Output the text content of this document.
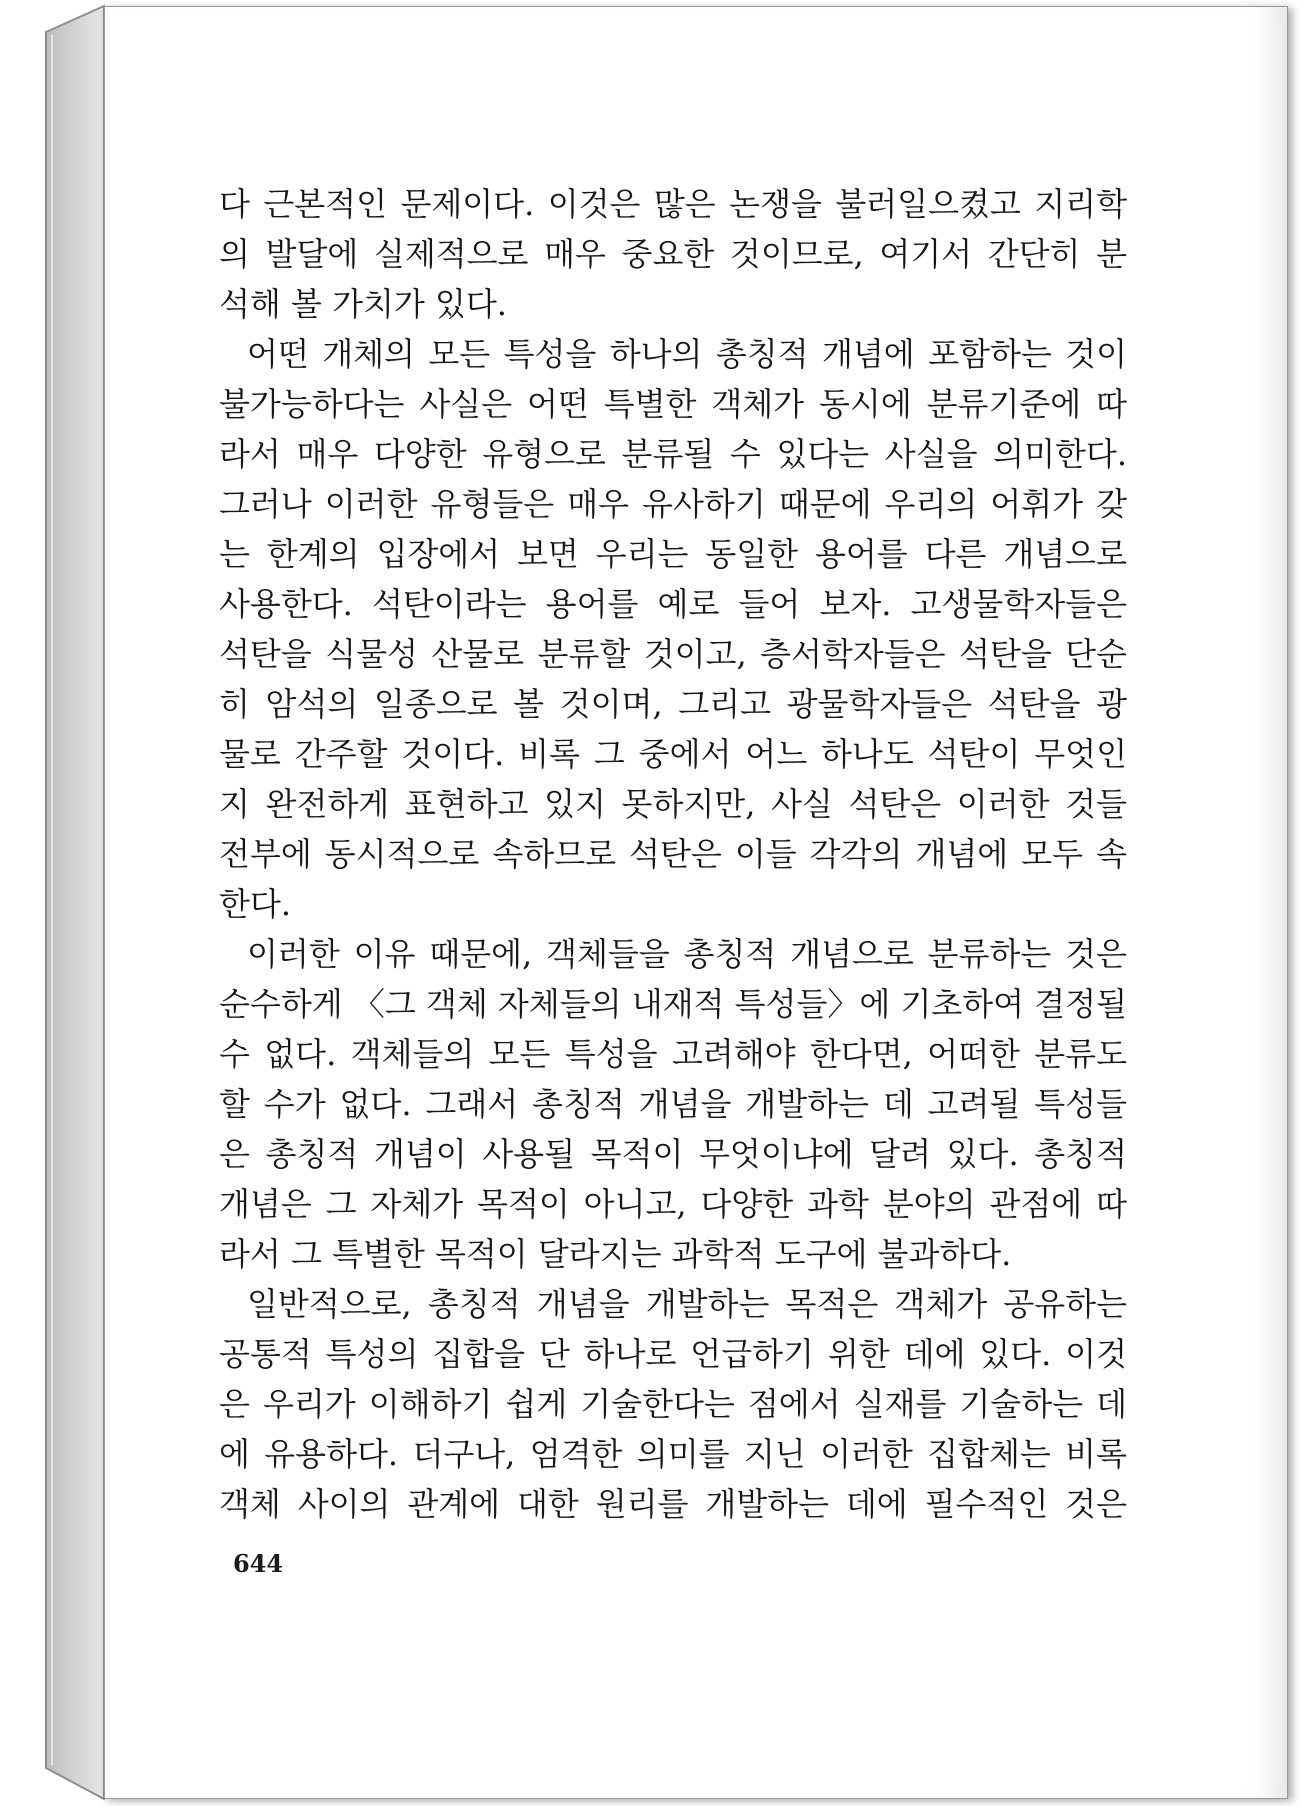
다 근본적인 문제이다. 이것은 많은 논쟁을 불러일으켰고 지리학
의 발달에 실제적으로 매우 중요한 것이므로, 여기서 간단히 분
석해 볼 가치가 있다.
어떤 개체의 모든 특성을 하나의 총칭적 개념에 포함하는 것이
불가능하다는 사실은 어떤 특별한 객체가 동시에 분류기준에 따
라서 매우 다양한 유형으로 분류될 수 있다는 사실을 의미한다.
그러나 이러한 유형들은 매우 유사하기 때문에 우리의 어휘가 갖
는 한계의 입장에서 보면 우리는 동일한 용어를 다른 개념으로
사용한다. 석탄이라는 용어를 예로 들어 보자. 고생물학자들은
석탄을 식물성 산물로 분류할 것이고, 층서학자들은 석탄을 단순
히 암석의 일종으로 볼 것이며, 그리고 광물학자들은 석탄을 광
물로 간주할 것이다. 비록 그 중에서 어느 하나도 석탄이 무엇인
지 완전하게 표현하고 있지 못하지만, 사실 석탄은 이러한 것들
전부에 동시적으로 속하므로 석탄은 이들 각각의 개념에 모두 속
한다.
이러한 이유 때문에, 객체들을 총칭적 개념으로 분류하는 것은
순수하게 〈그 객체 자체들의 내재적 특성들〉에 기초하여 결정될
수 없다. 객체들의 모든 특성을 고려해야 한다면, 어떠한 분류도
할 수가 없다. 그래서 총칭적 개념을 개발하는 데 고려될 특성들
은 총칭적 개념이 사용될 목적이 무엇이냐에 달려 있다. 총칭적
개념은 그 자체가 목적이 아니고, 다양한 과학 분야의 관점에 따
라서 그 특별한 목적이 달라지는 과학적 도구에 불과하다.
일반적으로, 총칭적 개념을 개발하는 목적은 객체가 공유하는
공통적 특성의 집합을 단 하나로 언급하기 위한 데에 있다. 이것
은 우리가 이해하기 쉽게 기술한다는 점에서 실재를 기술하는 데
에 유용하다. 더구나, 엄격한 의미를 지닌 이러한 집합체는 비록
객체 사이의 관계에 대한 원리를 개발하는 데에 필수적인 것은
644
